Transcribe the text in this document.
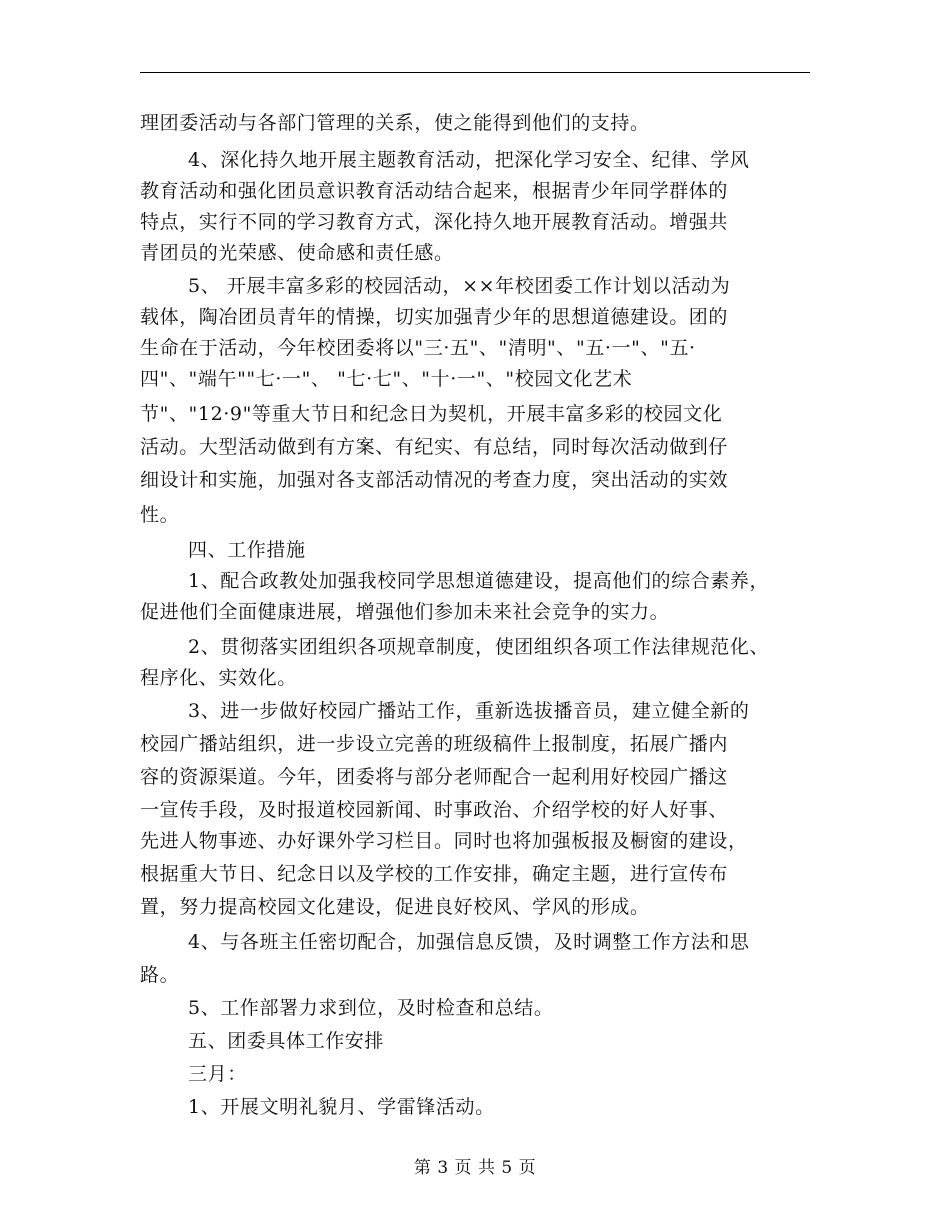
理团委活动与各部门管理的关系，使之能得到他们的支持。
4、深化持久地开展主题教育活动，把深化学习安全、纪律、学风
教育活动和强化团员意识教育活动结合起来，根据青少年同学群体的
特点，实行不同的学习教育方式，深化持久地开展教育活动。增强共
青团员的光荣感、使命感和责任感。
5、 开展丰富多彩的校园活动，××年校团委工作计划以活动为
载体，陶冶团员青年的情操，切实加强青少年的思想道德建设。团的
生命在于活动，今年校团委将以"三·五"、"清明"、"五·一"、"五·
四"、"端午""七·一"、 "七·七"、"十·一"、"校园文化艺术
节"、"12·9"等重大节日和纪念日为契机，开展丰富多彩的校园文化
活动。大型活动做到有方案、有纪实、有总结，同时每次活动做到仔
细设计和实施，加强对各支部活动情况的考查力度，突出活动的实效
性。
四、工作措施
1、配合政教处加强我校同学思想道德建设，提高他们的综合素养，
促进他们全面健康进展，增强他们参加未来社会竞争的实力。
2、贯彻落实团组织各项规章制度，使团组织各项工作法律规范化、
程序化、实效化。
3、进一步做好校园广播站工作，重新选拔播音员，建立健全新的
校园广播站组织，进一步设立完善的班级稿件上报制度，拓展广播内
容的资源渠道。今年，团委将与部分老师配合一起利用好校园广播这
一宣传手段，及时报道校园新闻、时事政治、介绍学校的好人好事、
先进人物事迹、办好课外学习栏目。同时也将加强板报及橱窗的建设，
根据重大节日、纪念日以及学校的工作安排，确定主题，进行宣传布
置，努力提高校园文化建设，促进良好校风、学风的形成。
4、与各班主任密切配合，加强信息反馈，及时调整工作方法和思
路。
5、工作部署力求到位，及时检查和总结。
五、团委具体工作安排
三月：
1、开展文明礼貌月、学雷锋活动。
第 3 页 共 5 页
